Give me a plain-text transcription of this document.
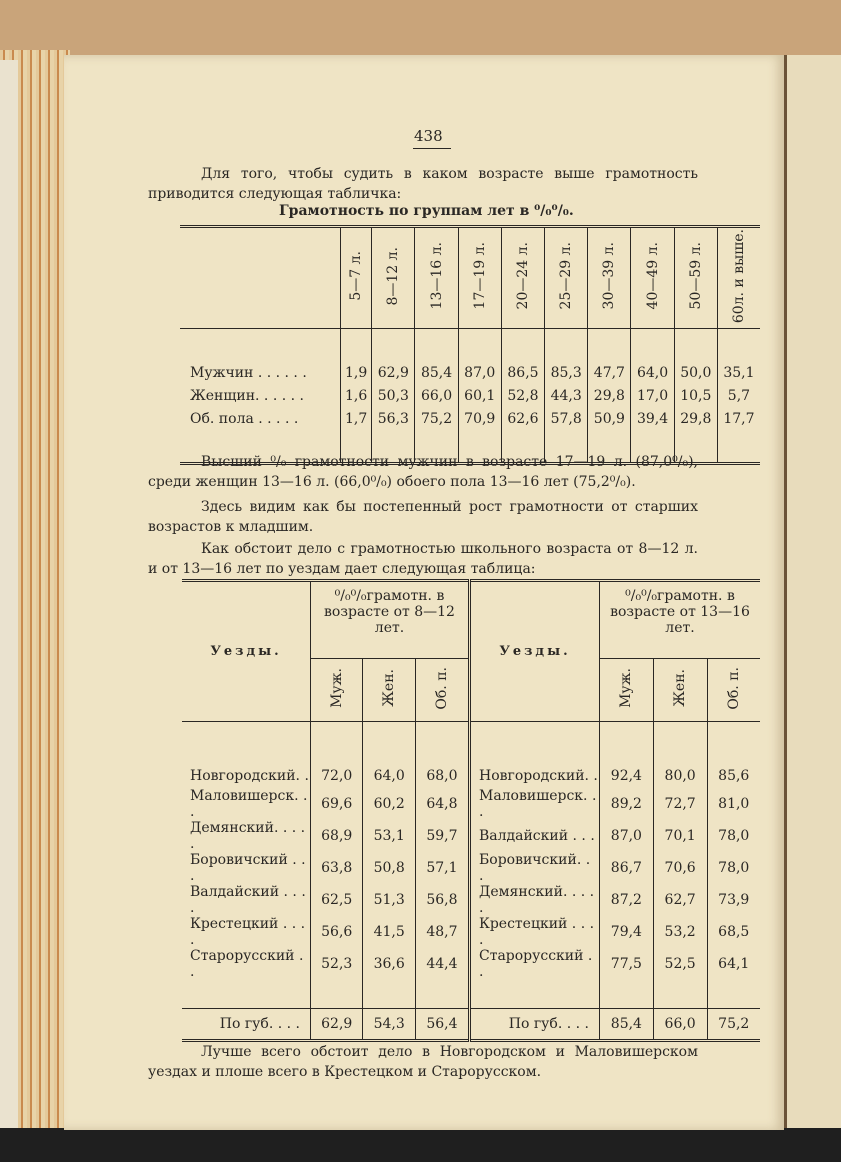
438
Для того, чтобы судить в каком возрасте выше грамотность приводится следующая табличка:
Грамотность по группам лет в ⁰/₀⁰/₀.
	5—7 л.	8—12 л.	13—16 л.	17—19 л.	20—24 л.	25—29 л.	30—39 л.	40—49 л.	50—59 л.	60л. и выше.

Мужчин . . . . . .	1,9	62,9	85,4	87,0	86,5	85,3	47,7	64,0	50,0	35,1
Женщин. . . . . .	1,6	50,3	66,0	60,1	52,8	44,3	29,8	17,0	10,5	5,7
Об. пола . . . . .	1,7	56,3	75,2	70,9	62,6	57,8	50,9	39,4	29,8	17,7

Высший ⁰/₀ грамотности мужчин в возрасте 17—19 л. (87,0⁰/₀), среди женщин 13—16 л. (66,0⁰/₀) обоего пола 13—16 лет (75,2⁰/₀).
Здесь видим как бы постепенный рост грамотности от старших возрастов к младшим.
Как обстоит дело с грамотностью школьного возраста от 8—12 л. и от 13—16 лет по уездам дает следующая таблица:
Уезды.	⁰/₀⁰/₀грамотн. в возрасте от 8—12 лет.			Уезды.	⁰/₀⁰/₀грамотн. в возрасте от 13—16 лет.		
	Муж.	Жен.	Об. п.		Муж.	Жен.	Об. п.

Новгородский. .	72,0	64,0	68,0	Новгородский. .	92,4	80,0	85,6
Маловишерск. . .	69,6	60,2	64,8	Маловишерск. . .	89,2	72,7	81,0
Демянский. . . . .	68,9	53,1	59,7	Валдайский . . .	87,0	70,1	78,0
Боровичский . . .	63,8	50,8	57,1	Боровичский. . .	86,7	70,6	78,0
Валдайский . . . .	62,5	51,3	56,8	Демянский. . . . .	87,2	62,7	73,9
Крестецкий . . . .	56,6	41,5	48,7	Крестецкий . . . .	79,4	53,2	68,5
Старорусский . .	52,3	36,6	44,4	Старорусский . .	77,5	52,5	64,1

По губ. . . .	62,9	54,3	56,4	По губ. . . .	85,4	66,0	75,2
Лучше всего обстоит дело в Новгородском и Маловишерском уездах и плоше всего в Крестецком и Старорусском.
